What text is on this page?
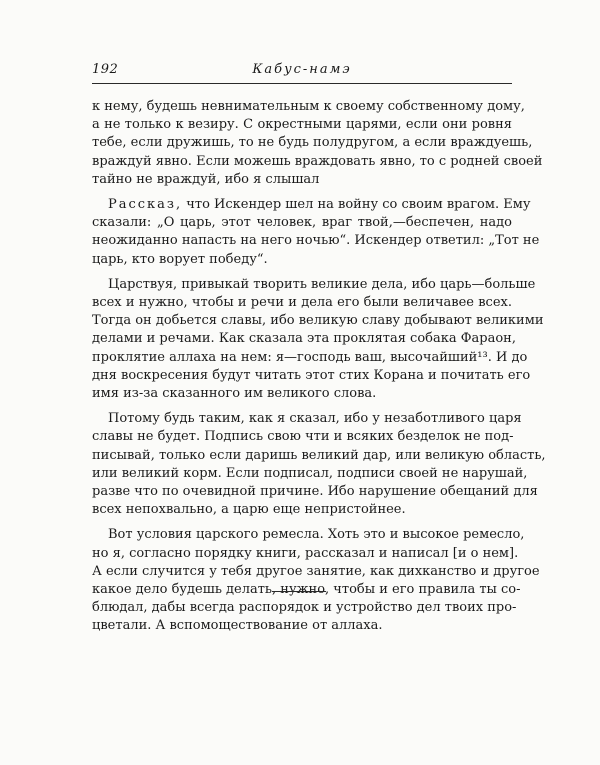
192	Кабус-намэ

к нему, будешь невнимательным к своему собственному дому,
а не только к везиру. С окрестными царями, если они ровня
тебе, если дружишь, то не будь полудругом, а если враждуешь,
враждуй явно. Если можешь враждовать явно, то с родней своей
тайно не враждуй, ибо я слышал

Рассказ, что Искендер шел на войну со своим врагом. Ему
сказали: „О царь, этот человек, враг твой,—беспечен, надо
неожиданно напасть на него ночью“. Искендер ответил: „Тот не
царь, кто ворует победу“.

Царствуя, привыкай творить великие дела, ибо царь—больше
всех и нужно, чтобы и речи и дела его были величавее всех.
Тогда он добьется славы, ибо великую славу добывают великими
делами и речами. Как сказала эта проклятая собака Фараон,
проклятие аллаха на нем: я—господь ваш, высочайший¹³. И до
дня воскресения будут читать этот стих Корана и почитать его
имя из-за сказанного им великого слова.

Потому будь таким, как я сказал, ибо у незаботливого царя
славы не будет. Подпись свою чти и всяких безделок не под-
писывай, только если даришь великий дар, или великую область,
или великий корм. Если подписал, подписи своей не нарушай,
разве что по очевидной причине. Ибо нарушение обещаний для
всех непохвально, а царю еще непристойнее.

Вот условия царского ремесла. Хоть это и высокое ремесло,
но я, согласно порядку книги, рассказал и написал [и о нем].
А если случится у тебя другое занятие, как дихканство и другое
какое дело будешь делать, нужно, чтобы и его правила ты со-
блюдал, дабы всегда распорядок и устройство дел твоих про-
цветали. А вспомоществование от аллаха.
